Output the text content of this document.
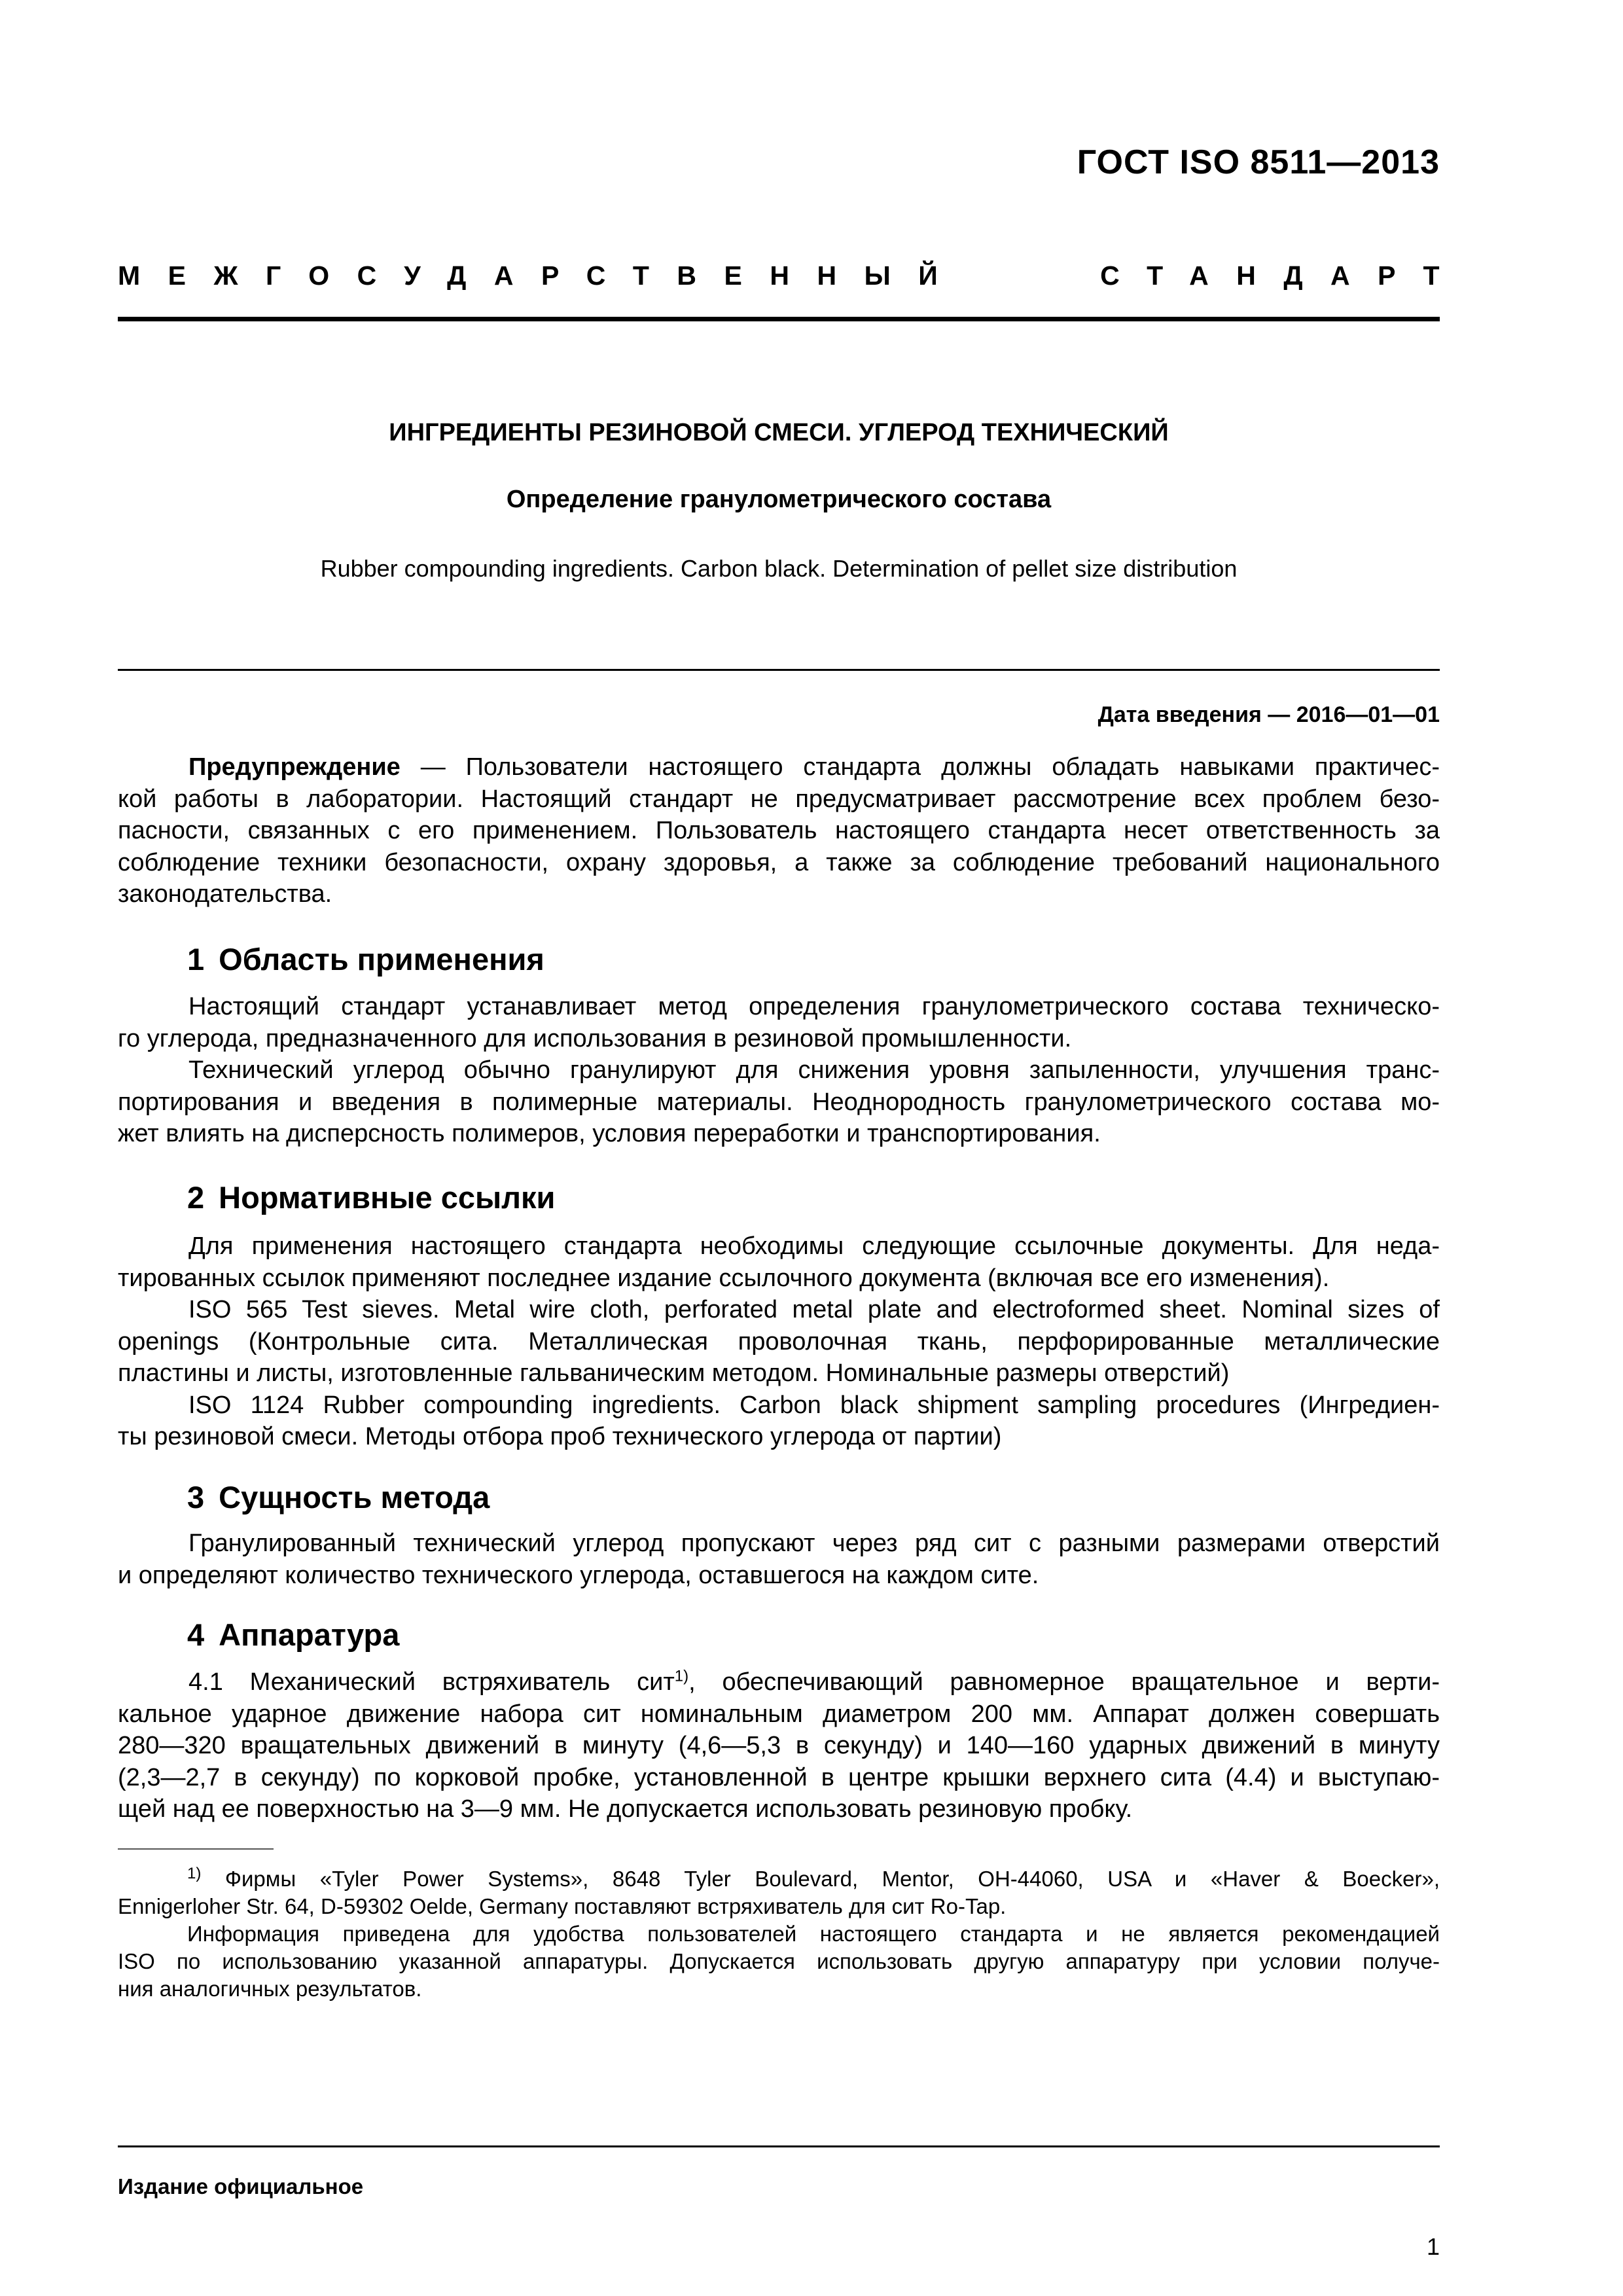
ГОСТ ISO 8511—2013
МЕЖГОСУДАРСТВЕННЫЙ	СТАНДАРТ
ИНГРЕДИЕНТЫ РЕЗИНОВОЙ СМЕСИ. УГЛЕРОД ТЕХНИЧЕСКИЙ
Определение гранулометрического состава
Rubber compounding ingredients. Carbon black. Determination of pellet size distribution
Дата введения — 2016—01—01
Предупреждение — Пользователи настоящего стандарта должны обладать навыками практичес-
кой работы в лаборатории. Настоящий стандарт не предусматривает рассмотрение всех проблем безо-
пасности, связанных с его применением. Пользователь настоящего стандарта несет ответственность за
соблюдение техники безопасности, охрану здоровья, а также за соблюдение требований национального
законодательства.
1 Область применения
Настоящий стандарт устанавливает метод определения гранулометрического состава техническо-
го углерода, предназначенного для использования в резиновой промышленности.
Технический углерод обычно гранулируют для снижения уровня запыленности, улучшения транс-
портирования и введения в полимерные материалы. Неоднородность гранулометрического состава мо-
жет влиять на дисперсность полимеров, условия переработки и транспортирования.
2 Нормативные ссылки
Для применения настоящего стандарта необходимы следующие ссылочные документы. Для неда-
тированных ссылок применяют последнее издание ссылочного документа (включая все его изменения).
ISO 565 Test sieves. Metal wire cloth, perforated metal plate and electroformed sheet. Nominal sizes of
openings (Контрольные сита. Металлическая проволочная ткань, перфорированные металлические
пластины и листы, изготовленные гальваническим методом. Номинальные размеры отверстий)
ISO 1124 Rubber compounding ingredients. Carbon black shipment sampling procedures (Ингредиен-
ты резиновой смеси. Методы отбора проб технического углерода от партии)
3 Сущность метода
Гранулированный технический углерод пропускают через ряд сит с разными размерами отверстий
и определяют количество технического углерода, оставшегося на каждом сите.
4 Аппаратура
4.1 Механический встряхиватель сит$^{1)}$, обеспечивающий равномерное вращательное и верти-
кальное ударное движение набора сит номинальным диаметром 200 мм. Аппарат должен совершать
280—320 вращательных движений в минуту (4,6—5,3 в секунду) и 140—160 ударных движений в минуту
(2,3—2,7 в секунду) по корковой пробке, установленной в центре крышки верхнего сита (4.4) и выступаю-
щей над ее поверхностью на 3—9 мм. Не допускается использовать резиновую пробку.
$^{1)}$ Фирмы «Tyler Power Systems», 8648 Tyler Boulevard, Mentor, OH-44060, USA и «Haver & Boecker»,
Ennigerloher Str. 64, D-59302 Oelde, Germany поставляют встряхиватель для сит Ro-Tap.
Информация приведена для удобства пользователей настоящего стандарта и не является рекомендацией
ISO по использованию указанной аппаратуры. Допускается использовать другую аппаратуру при условии получе-
ния аналогичных результатов.
Издание официальное
1
